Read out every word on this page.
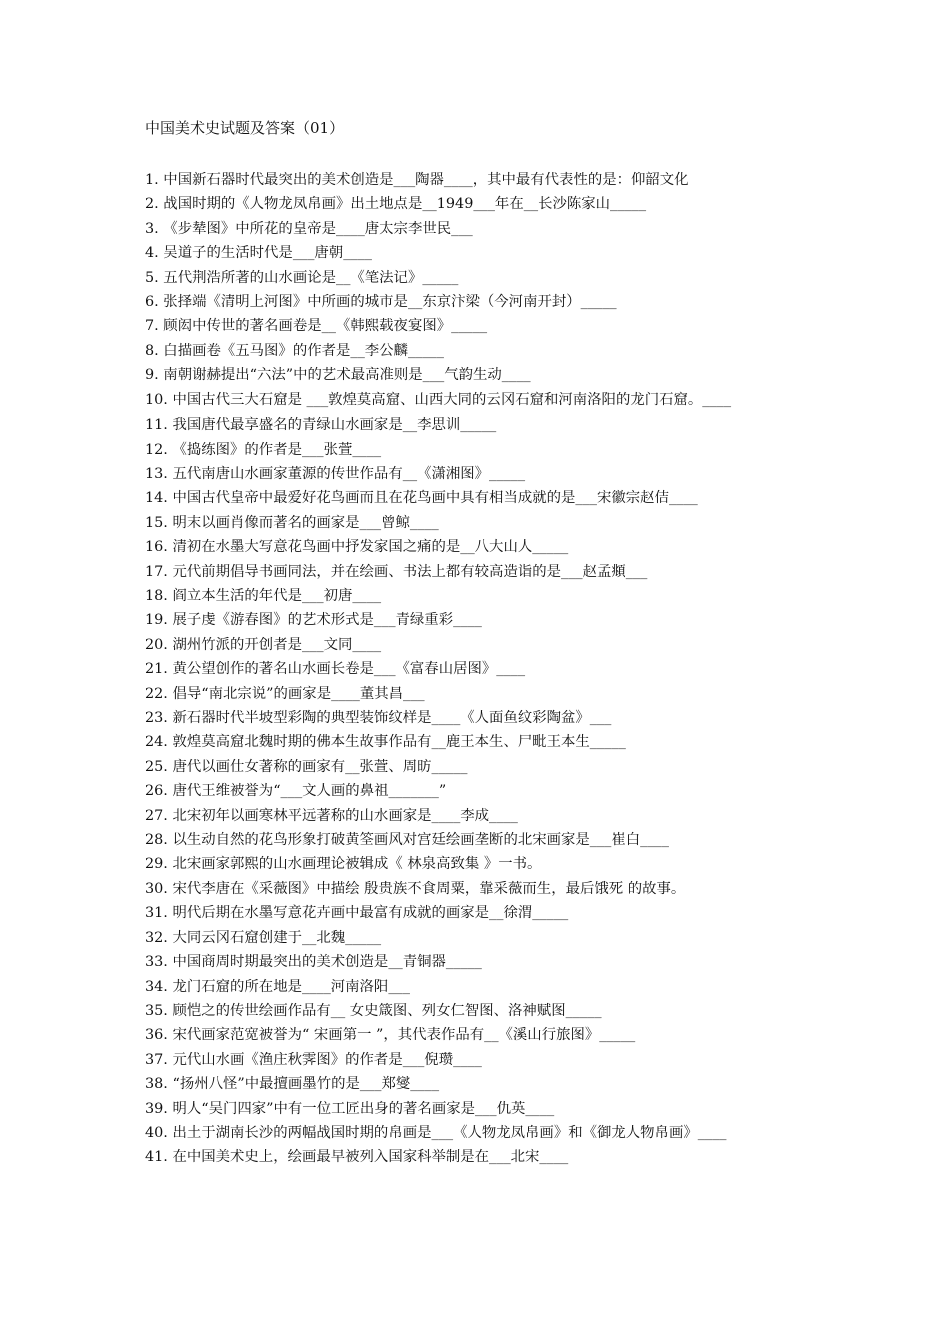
中国美术史试题及答案（01）
1. 中国新石器时代最突出的美术创造是___陶器____，其中最有代表性的是：仰韶文化
2. 战国时期的《人物龙凤帛画》出土地点是__1949___年在__长沙陈家山_____
3. 《步辇图》中所花的皇帝是____唐太宗李世民___
4. 吴道子的生活时代是___唐朝____
5. 五代荆浩所著的山水画论是__《笔法记》_____
6. 张择端《清明上河图》中所画的城市是__东京汴梁（今河南开封）_____
7. 顾闳中传世的著名画卷是__《韩熙载夜宴图》_____
8. 白描画卷《五马图》的作者是__李公麟_____
9. 南朝谢赫提出“六法”中的艺术最高准则是___气韵生动____
10. 中国古代三大石窟是 ___敦煌莫高窟、山西大同的云冈石窟和河南洛阳的龙门石窟。____
11. 我国唐代最享盛名的青绿山水画家是__李思训_____
12. 《捣练图》的作者是___张萱____
13. 五代南唐山水画家董源的传世作品有__《潇湘图》_____
14. 中国古代皇帝中最爱好花鸟画而且在花鸟画中具有相当成就的是___宋徽宗赵佶____
15. 明末以画肖像而著名的画家是___曾鲸____
16. 清初在水墨大写意花鸟画中抒发家国之痛的是__八大山人_____
17. 元代前期倡导书画同法，并在绘画、书法上都有较高造诣的是___赵孟頫___
18. 阎立本生活的年代是___初唐____
19. 展子虔《游春图》的艺术形式是___青绿重彩____
20. 湖州竹派的开创者是___文同____
21. 黄公望创作的著名山水画长卷是___《富春山居图》____
22. 倡导“南北宗说”的画家是____董其昌___
23. 新石器时代半坡型彩陶的典型装饰纹样是____《人面鱼纹彩陶盆》___
24. 敦煌莫高窟北魏时期的佛本生故事作品有__鹿王本生、尸毗王本生_____
25. 唐代以画仕女著称的画家有__张萱、周昉_____
26. 唐代王维被誉为“___文人画的鼻祖_______”
27. 北宋初年以画寒林平远著称的山水画家是____李成____
28. 以生动自然的花鸟形象打破黄筌画风对宫廷绘画垄断的北宋画家是___崔白____
29. 北宋画家郭熙的山水画理论被辑成《 林泉高致集 》一书。
30. 宋代李唐在《采薇图》中描绘 殷贵族不食周粟，靠采薇而生，最后饿死 的故事。
31. 明代后期在水墨写意花卉画中最富有成就的画家是__徐渭_____
32. 大同云冈石窟创建于__北魏_____
33. 中国商周时期最突出的美术创造是__青铜器_____
34. 龙门石窟的所在地是____河南洛阳___
35. 顾恺之的传世绘画作品有__ 女史箴图、列女仁智图、洛神赋图_____
36. 宋代画家范宽被誉为“ 宋画第一 ”，其代表作品有__《溪山行旅图》_____
37. 元代山水画《渔庄秋霁图》的作者是___倪瓒____
38. “扬州八怪”中最擅画墨竹的是___郑燮____
39. 明人“吴门四家”中有一位工匠出身的著名画家是___仇英____
40. 出土于湖南长沙的两幅战国时期的帛画是___《人物龙凤帛画》和《御龙人物帛画》____
41. 在中国美术史上，绘画最早被列入国家科举制是在___北宋____
